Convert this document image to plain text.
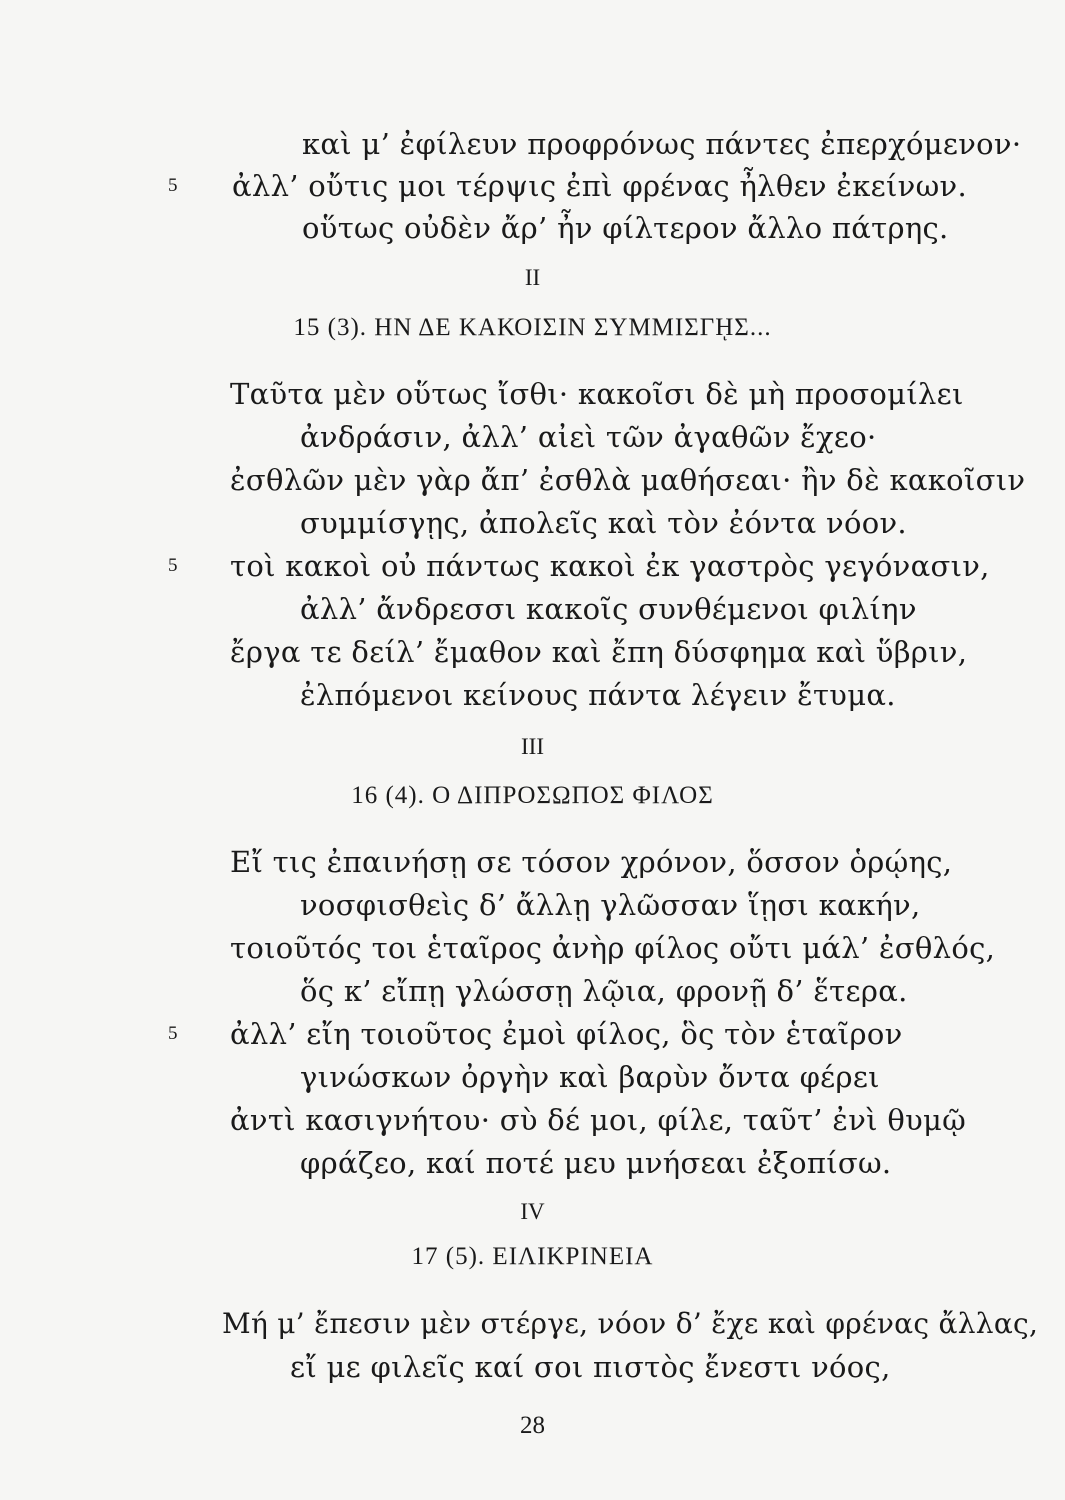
καὶ μ’ ἐφίλευν προφρόνως πάντες ἐπερχόμενον·
5 ἀλλ’ οὔτις μοι τέρψις ἐπὶ φρένας ἦλθεν ἐκείνων.
οὕτως οὐδὲν ἄρ’ ἦν φίλτερον ἄλλο πάτρης.
II
15 (3). ΗΝ ΔΕ ΚΑΚΟΙΣΙΝ ΣΥΜΜΙΣΓῌΣ...
Ταῦτα μὲν οὕτως ἴσθι· κακοῖσι δὲ μὴ προσομίλει
ἀνδράσιν, ἀλλ’ αἰεὶ τῶν ἀγαθῶν ἔχεο·
ἐσθλῶν μὲν γὰρ ἄπ’ ἐσθλὰ μαθήσεαι· ἢν δὲ κακοῖσιν
συμμίσγῃς, ἀπολεῖς καὶ τὸν ἐόντα νόον.
5 τοὶ κακοὶ οὐ πάντως κακοὶ ἐκ γαστρὸς γεγόνασιν,
ἀλλ’ ἄνδρεσσι κακοῖς συνθέμενοι φιλίην
ἔργα τε δείλ’ ἔμαθον καὶ ἔπη δύσφημα καὶ ὕβριν,
ἐλπόμενοι κείνους πάντα λέγειν ἔτυμα.
III
16 (4). Ο ΔΙΠΡΟΣΩΠΟΣ ΦΙΛΟΣ
Εἴ τις ἐπαινήσῃ σε τόσον χρόνον, ὅσσον ὁρῴης,
νοσφισθεὶς δ’ ἄλλῃ γλῶσσαν ἵῃσι κακήν,
τοιοῦτός τοι ἑταῖρος ἀνὴρ φίλος οὔτι μάλ’ ἐσθλός,
ὅς κ’ εἴπῃ γλώσσῃ λῷια, φρονῇ δ’ ἕτερα.
5 ἀλλ’ εἴη τοιοῦτος ἐμοὶ φίλος, ὃς τὸν ἑταῖρον
γινώσκων ὀργὴν καὶ βαρὺν ὄντα φέρει
ἀντὶ κασιγνήτου· σὺ δέ μοι, φίλε, ταῦτ’ ἐνὶ θυμῷ
φράζεο, καί ποτέ μευ μνήσεαι ἐξοπίσω.
IV
17 (5). ΕΙΛΙΚΡΙΝΕΙΑ
Μή μ’ ἔπεσιν μὲν στέργε, νόον δ’ ἔχε καὶ φρένας ἄλλας,
εἴ με φιλεῖς καί σοι πιστὸς ἔνεστι νόος,
28
